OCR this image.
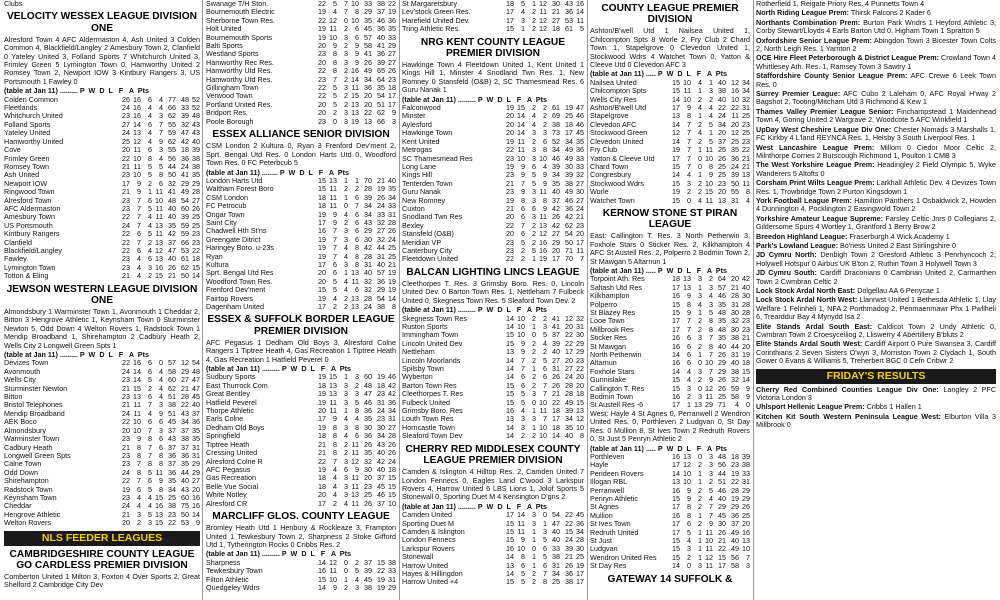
Clubs
VELOCITY WESSEX LEAGUE DIVISION ONE

Alresford Town 4 AFC Aldermaston 4, Ash United 3 Colden Common 4, Blackfield/Langley 2 Amesbury Town 2, Clanfield 0 Yateley United 3, Folland Sports 7 Whitchurch United 3, Frimley Green 5 Lymington Town 0, Hamworthy United 2 Romsey Town 2, Newport IOW 3 Kintbury Rangers 3, US Portsmouth 1 Fawley 0

(table at Jan 11) ......... P  W  D  L   F   A  Pts
Colden Common	26 16 6 4 77 48 52
Fleetlands	24 16 4 4 66 33 52
Whitchurch United	23 16 4 3 62 39 48
Folland Sports	27 14 6 7 55 32 43
Yateley United	24 13 4 7 59 47 43
Hamworthy United	25 12 4 9 62 42 40
Cove	20 11 6 3 55 18 39
Frimley Green	22 10 8 4 56 36 38
Romsey Town	21 11 5 5 44 24 38
Ash United	23 10 5 8 50 41 35
Newport IOW	17 9 2 6 32 29 29
Ringwood Town	21 9 1 11 41 49 28
Alresford Town	23 7 6 10 48 54 27
AFC Aldermaston	23 7 5 11 40 60 26
Amesbury Town	22 7 4 11 40 39 25
US Portsmouth	24 7 4 13 35 59 25
Kintbury Rangers	22 6 5 11 42 59 23
Clanfield	22 7 2 13 37 66 23
Blackfield/Langley	22 6 4 12 47 53 22
Fawley	23 4 6 13 40 61 18
Lymington Town	23 4 3 16 26 62 15
Totton & Eling	21 4 2 15 21 50 14
JEWSON WESTERN LEAGUE DIVISION ONE

Almondsbury 1 Warminster Town 1, Avonmouth 1 Cheddar 2, Bitton 3 Hengrove Athletic 1, Keynsham Town 0 Sturminster Newton 5, Odd Down 4 Welton Rovers 1, Radstock Town 1 Mendip Broadband 1, Shirehampton 2 Cadbury Heath 2, Wells City 2 Longwell Green Spts 1

(table at Jan 11) ......... P  W  D  L   F   A  Pts
Devizes Town	22 16 6 0 57 12 54
Avonmouth	24 14 6 4 58 29 48
Wells City	23 14 5 4 60 27 47
Sturminster Newton	21 15 2 4 62 21 47
Bitton	23 13 6 4 51 28 45
Bristol Telephones	21 11 7 3 38 22 40
Mendip Broadband	24 11 4 9 51 43 37
AEK Boco	22 10 6 6 45 34 36
Almondsbury	20 10 7 3 37 37 35
Warminster Town	23 9 8 6 43 38 35
Cadbury Heath	21 8 7 6 37 37 31
Longwell Green Spts	23 8 7 8 36 36 31
Calne Town	23 7 8 8 37 35 29
Odd Down	24 8 5 11 36 44 29
Shirehampton	22 7 6 9 35 40 27
Radstock Town	19 6 5 8 34 43 20
Keynsham Town	23 4 4 15 25 60 16
Cheddar	24 4 4 16 38 75 16
Hengrove Athletic	21 3 5 13 23 50 14
Welton Rovers	20 2 3 15 22 53 9
NLS FEEDER LEAGUES
CAMBRIDGESHIRE COUNTY LEAGUE GO CARDLESS PREMIER DIVISION

Comberton United 1 Milton 3, Foxton 4 Over Sports 2, Great Shelford 2 Cambridge City Dev

Swanage T/H Ston.	22 5 7 10 33 38 22
Bournemouth Electric	19 4 7 8 29 37 19
Sherborne Town Res.	22 12 0 10 35 46 36
Holt United	19 11 2 6 45 36 35
Bournemouth Sports	19 10 3 6 57 40 33
Balti Sports	20 9 2 9 58 41 29
Westland Sports	23 8 3 9 41 36 27
Hamworthy Rec Res.	20 8 3 9 26 39 27
Hamworthy Utd Res.	22 8 2 16 49 65 26
Hamworthy Utd Res.	23 7 2 14 34 64 23
Gillingham Town	22 5 3 11 36 35 18
Verwood Town	22 5 2 15 20 54 17
Portland United Res.	20 5 2 13 20 51 17
Bridport Res.	20 2 3 13 22 62 9
Poole Borough	23 0 3 19 13 66 3
ESSEX ALLIANCE SENIOR DIVISION

CSM London 2 Kultura 0, Ryan 3 Frenford Dev'ment 2, Sprt. Bengal Utd Res. 0 London Harts Utd 0, Woodford Town Res. 0 FC Peterbcub 5

(table at Jan 11) ........ P  W  D  L   F   A  Pts
London Harts Utd	15 13 1 1 70 21 40
Waltham Forest Boro	15 11 2 2 28 19 35
CSM London	18 11 1 6 39 26 34
FC Petrocub	18 11 0 7 34 24 33
Ongar Town	19 9 4 6 34 33 31
Saint City	17 9 2 6 43 32 28
Chadwell Hth St'ns	16 7 3 6 29 27 26
Greengate Ditrict	19 7 3 6 30 32 24
Haringey Boro. u-23s	19 7 4 8 42 44 25
Ryan	19 7 4 8 28 31 25
Kultura	17 6 3 8 31 40 21
Sprt. Bengal Utd Res	20 6 1 13 40 57 19
Woodford Town Res.	20 5 4 11 32 36 19
Frenford Dev'ment	15 5 4 6 32 29 19
Fairtop Rovers	19 4 2 13 28 54 14
Dagenham United	17 2 2 13 24 38 8
ESSEX & SUFFOLK BORDER LEAGUE PREMIER DIVISION

AFC Pegasus 1 Dedham Old Boys 3, Alresford Colne Rangers 1 Tiptree Heath 4, Gas Recreation 1 Tiptree Heath 4, Gas Recreation 1 Hatfield Peverel 0

(table at Jan 11) ......... P  W  D  L   F   A  Pts
Sudbury Sports	19 15 1 3 60 19 46
East Thurrock Com	18 13 3 2 48 18 42
Great Bentley	19 13 3 3 47 23 42
Hatfield Peverel	19 11 3 5 46 31 36
Thorpe Athletic	20 11 1 8 36 24 34
Earls Colne	17 9 4 4 35 23 31
Dedham Old Boys	19 8 3 8 30 30 27
Springfield	18 8 4 6 36 34 28
Tiptree Heath	21 8 2 11 26 43 26
Cressing United	21 8 2 11 35 40 26
Alresford Colne R	22 7 3 12 32 42 24
AFC Pegasus	19 4 6 9 30 40 18
Gas Recreation	18 4 3 11 20 37 15
Belle Vue Social	18 4 3 11 23 45 15
White Notley	20 4 3 13 25 46 15
Alresford CR	17 2 4 11 26 37 10
MARCLIFF GLOS. COUNTY LEAGUE

Bromley Heath Utd 1 Henbury & Rockleaze 3, Frampton United 1 Tewkesbury Town 2, Sharpness 2 Stoke Gifford Utd 1, Tytherington Rocks 0 Cribbs Res. 2

(table at Jan 11) ......... P  W  D  L   F   A  Pts
Sharpness	14 12 0 2 37 15 38
Tewkesbury Town	16 11 0 5 39 22 33
Filton Athletic	15 10 1 4 45 19 31
Quedgeley Wdrs	14 9 2 3 38 19 29
St Margaretsbury	18 5 1 12 30 43 16
Lev'stock Green Res.	17 4 2 11 21 36 14
Harefield United Dev.	17 3 2 12 27 53 11
Tring Athletic Res.	15 1 2 12 18 61 5
NRG KENT COUNTY LEAGUE PREMIER DIVISION

Hawkinge Town 4 Fleetdown United 1, Kent United 1 Kings Hill 1, Minster 4 Snodland Twn Res. 1, New Romney 0 Stansfeld (O&B) 2, SC Thamesmead Res. 6 Guru Nanak 1

(table at Jan 11) ......... P  W  D  L   F   A  Pts
Falconwood	19 15 2 2 61 19 47
Minster	20 14 4 2 69 25 46
Aylesford	20 14 4 2 38 18 46
Hawkinge Town	20 14 3 3 73 17 45
Kent United	19 11 2 6 52 34 35
Metrogas	22 11 3 8 34 49 36
SC Thamesmead Res	23 10 3 10 46 49 33
Long Lane	19 9 6 4 39 30 33
Kings Hill	23 9 5 9 34 39 32
Tenterden Town	21 7 5 9 35 38 27
Guru Nanak	23 9 3 11 40 49 30
New Romney	19 8 3 8 37 46 27
Cuxton	21 6 6 9 42 36 24
Snodland Twn Res	20 6 3 11 26 42 21
Bexley	22 7 2 13 42 62 23
Stansfeld (O&B)	20 6 2 12 27 54 20
Meridian VP	23 5 2 16 29 50 17
Canterbury City	23 2 5 16 20 71 11
Fleetdown United	22 2 1 19 17 70 7
BALCAN LIGHTING LINCS LEAGUE

Cleethorpes T. Res. 3 Grimsby Boro. Res. 0, Lincoln United Dev. 0 Barton Town Res. 1, Nettleham 7 Fulbeck United 0, Skegness Town Res. 5 Sleaford Town Dev. 2

(table at Jan 11) ......... P  W  D  L   F   A  Pts
Skegness Town Res	14 10 2 2 41 12 32
Ruston Sports	14 10 1 3 41 20 31
Immingham Town	15 10 0 5 37 22 30
Lincoln United Dev	15 9 2 4 39 22 29
Nettleham	13 9 2 2 40 17 29
Lincoln Moorlands	14 7 2 5 27 20 23
Spilsby Town	14 7 1 6 31 27 22
Wyberton	14 6 2 6 26 24 20
Barton Town Res	15 6 2 7 26 28 20
Cleethorpes T. Res	15 5 3 7 21 28 18
Fulbeck United	15 5 0 10 22 49 15
Grimsby Boro. Res	16 4 1 11 18 39 13
Louth Town Res	13 3 3 7 17 34 12
Horncastle Town	14 3 1 10 18 35 10
Sleaford Town Dev	14 2 2 10 14 40 8
CHERRY RED MIDDLESEX COUNTY LEAGUE PREMIER DIVISION

Camden & Islington 4 Hilltop Res. 2, Camden United 7 London Fennecs 0, Eagles Land C'wood 3 Larkspur Rovers 4, Harrow United 6 LBS Lions 1, Jolof Sports 5 Stonewall 0, Sporting Duet M 4 Kensington D'gns 2

(table at Jan 11) ......... P  W  D  L   F   A  Pts
Camden United	17 14 3 0 54 22 45
Sporting Duet M	15 11 3 1 47 22 36
Camden & Islington	15 11 1 3 40 15 34
London Fennecs	15 9 1 5 40 24 28
Larkspur Rovers	16 10 0 6 33 39 30
Stonewall	14 8 1 5 38 21 25
Harrow United	13 6 1 6 31 26 19
Hayes & Hillingdon	14 5 2 7 34 36 17
Harrow United +4	15 5 2 8 25 38 17
COUNTY LEAGUE PREMIER DIVISION

Ashton/B'well Utd 1 Nailsea United 1, Chilcompton Spts 8 Worle 2, Fry Club 2 Chard Town 1, Stapelgrove 0 Clevedon United 1, Stockwood Wdrs 4 Watchet Town 0, Yatton & Cleeve Utd 0 Clevedon AFC 3

(table at Jan 11) ..... P  W  D  L   F   A  Pts
Nailsea United	15 10 4 1 40 12 34
Chilcompton Spts	15 11 1 3 38 16 34
Wells City Res	14 10 2 2 40 10 32
Ashton/B'well Utd	17 9 4 4 22 22 31
Stapelgrove	13 8 1 4 24 11 25
Clevedon AFC	14 7 2 5 34 20 23
Stockwood Green	12 7 4 1 20 12 25
Clevedon United	14 7 2 5 37 25 23
Fry Club	19 7 1 11 25 35 22
Yatton & Cleeve Utd	17 7 0 10 26 36 21
Chard Town	15 7 0 8 25 24 21
Congresbury	14 4 1 9 25 39 13
Stockwood Wdrs	15 3 2 10 23 50 11
Worle	19 2 2 15 20 55 8
Watchet Town	15 0 4 11 13 31 4
KERNOW STONE ST PIRAN LEAGUE

East: Callington T. Res. 3 North Petherwin 3, Foxhole Stars 0 Sticker Res. 2, Kilkhampton 4 AFC St Austell Res. 2, Polperro 2 Bodmin Town 2, St Mawgan 5 Altarnun 1

(table at Jan 11) ..... P  W  D  L   F   A  Pts
Torpoint Ath. Res	18 13 3 2 64 20 42
Saltash Utd Res	17 13 1 3 57 21 40
Kilkhampton	16 9 3 4 46 28 30
Polperro	15 8 4 3 35 31 28
St Blazey Res	15 9 1 5 48 30 28
Looe Town	17 7 2 8 35 32 23
Millbrook Res	17 7 2 8 48 30 23
Sticker Res	16 6 3 7 35 38 21
St Mawgan	16 6 2 8 40 44 20
North Petherwin	14 6 1 7 26 31 19
Altarnun	16 6 0 10 29 40 18
Foxhole Stars	14 4 3 7 29 38 15
Gunnislake	15 4 2 9 26 32 14
Callington T. Res	15 3 0 12 26 59 9
Bodmin Town	16 2 3 11 25 58 9
St Austell Res -6	17 1 13 29 71	4 0

West: Hayle 4 St Agnes 0, Perranwell 2 Wendron United Res. 0, Porthleven 2 Ludgvan 0, St Day Res. 0 Mullion 8, St Ives Town 2 Redruth Rovers 0, St Just 5 Penryn Athletic 2

(table at Jan 11) ..... P  W  D  L   F   A  Pts
Porthleven	16 13 0 3 48 18 39
Hayle	17 12 2 3 56 23 38
Pendeen Rovers	14 10 1 3 44 19 33
Illogan RBL	13 10 1 2 51 22 31
Perranwell	16 9 2 5 46 28 29
Penryn Athletic	15 9 2 4 40 19 29
St Agnes	17 8 2 7 29 29 26
Mullion	16 8 1 7 45 36 25
St Ives Town	17 6 2 9 30 37 20
Redruth United	17 5 1 11 26 49 16
St Just	15 4 1 10 21 40 13
Ludgvan	15 3 1 11 22 49 10
Wendron United Res	15 2 1 12 15 56 7
St Day Res	14 0 3 11 17 58 3
GATEWAY 14 SUFFOLK &

Rotherfield 1, Reigate Priory Res. 4 Punnetts Town 4

North Riding League Prem: Thirsk Falcons 2 Kader 6

Northants Combination Prem: Burton Park Wndrs 1 Heyford Athletic 3, Corby Stewart/Lloyds 4 Earls Barton Utd 0, Higham Town 1 Spratton 5

Oxfordshire Senior League Prem: Abingdon Town 3 Bicester Town Colts 2, North Leigh Res. 1 Yarnton 2

OCE Hire Fleet Peterborough & District League Prem: Crowland Town 4 Whittlesey Ath. Res. 1, Ramsey Town 3 Sawtry 1

Staffordshire County Senior League Prem: AFC Crewe 6 Leek Town Res. 0

Surrey Premier League: AFC Cubo 2 Laleham 0, AFC Royal H'way 2 Bagshot 2, Tooting/Mitcham Utd 3 Richmond & Kew 1

Thames Valley Premier League Senior: Finchampstead 1 Maidenhead Town 4, Goring United 2 Wargrave 2, Woodcote 5 AFC Winkfield 1

UpDay West Cheshire League Div One: Chester Nomads 3 Marshalls 1, FC Kirkby 4 L'land REYNCA Res. 1, Helsby 3 South Liverpool Res. 1

West Lancashire League Prem: Millom 0 Ciedor Moor Celtic 2, Milnthorpe Corries 2 Burscough Richmond 1, Poulton 1 CMB 3

The West Yorkshire League Prem: Headingley 2 Field Olympic 5, Wyke Wanderers 5 Altofts 0

Corsham Print Wilts League Prem: Larkhall Athletic Dev. 4 Devizes Town Res. 1, Trowbridge Town 2 Purton Kingsdown 1

York Football League Prem: Hamilton Panthers 1 Osbaldwick 2, Howden 4 Dunnington 4, Pocklington 2 Easingwold Town 2

Yorkshire Amateur League Supreme: Farsley Celtic Jnrs 0 Collegians 2, Gildersome Spurs 4 Wortley 1, Grantford 1 Berry Brow 2

Breedon Highland League: Fraserburgh 4 Wick Academy 1

Park's Lowland League: Bo'ness United 2 East Stirlingshire 0

JD Cymru North: Denbigh Town 2 Gresford Athletic 3 Penrhyncoch 2, Holywell Hotspur 0 Airbus UK B'ton 2, Ruthin Town 3 Holywell Town 3

JD Cymru South: Cardiff Draconians 0 Cambrian United 2, Carmarthen Town 2 Cwmbran Celtic 2

Lock Stock Ardal North East: Dolgellau AA 6 Penycae 1

Lock Stock Ardal North West: Llanrwst United 1 Bethesda Athletic 1, Llay Welfare 1 Felinheli 1, NFA 2 Porthmadog 2, Penmaenmawr Phx 1 Pwllheli 6, Trearddur Bay 4 Mynydd Isa 2

Elite Stands Ardal South East: Caldicot Town 2 Undy Athletic 0, Cwmbran Town 2 Croesyceiliog 2, Lliswerry 4 Abertillery B'bluts 2

Elite Stands Ardal South West: Cardiff Airport 0 Pure Swansea 3, Cardiff Corinthians 2 Seven Sisters O'wyn 3, Morriston Town 2 Clydach 1, South Gower 0 Evans & Williams 5, Treherbert BGC 0 Cefn Cribwr 2

FRIDAY'S RESULTS

Cherry Red Combined Counties League Div One: Langley 2 PFC Victoria London 3

Uhlsport Hellenic League Prem: Cribbs 1 Hallen 1

Kitchen Kit South Western Peninsula League West: Elburton Villa 3 Millbrook 0
